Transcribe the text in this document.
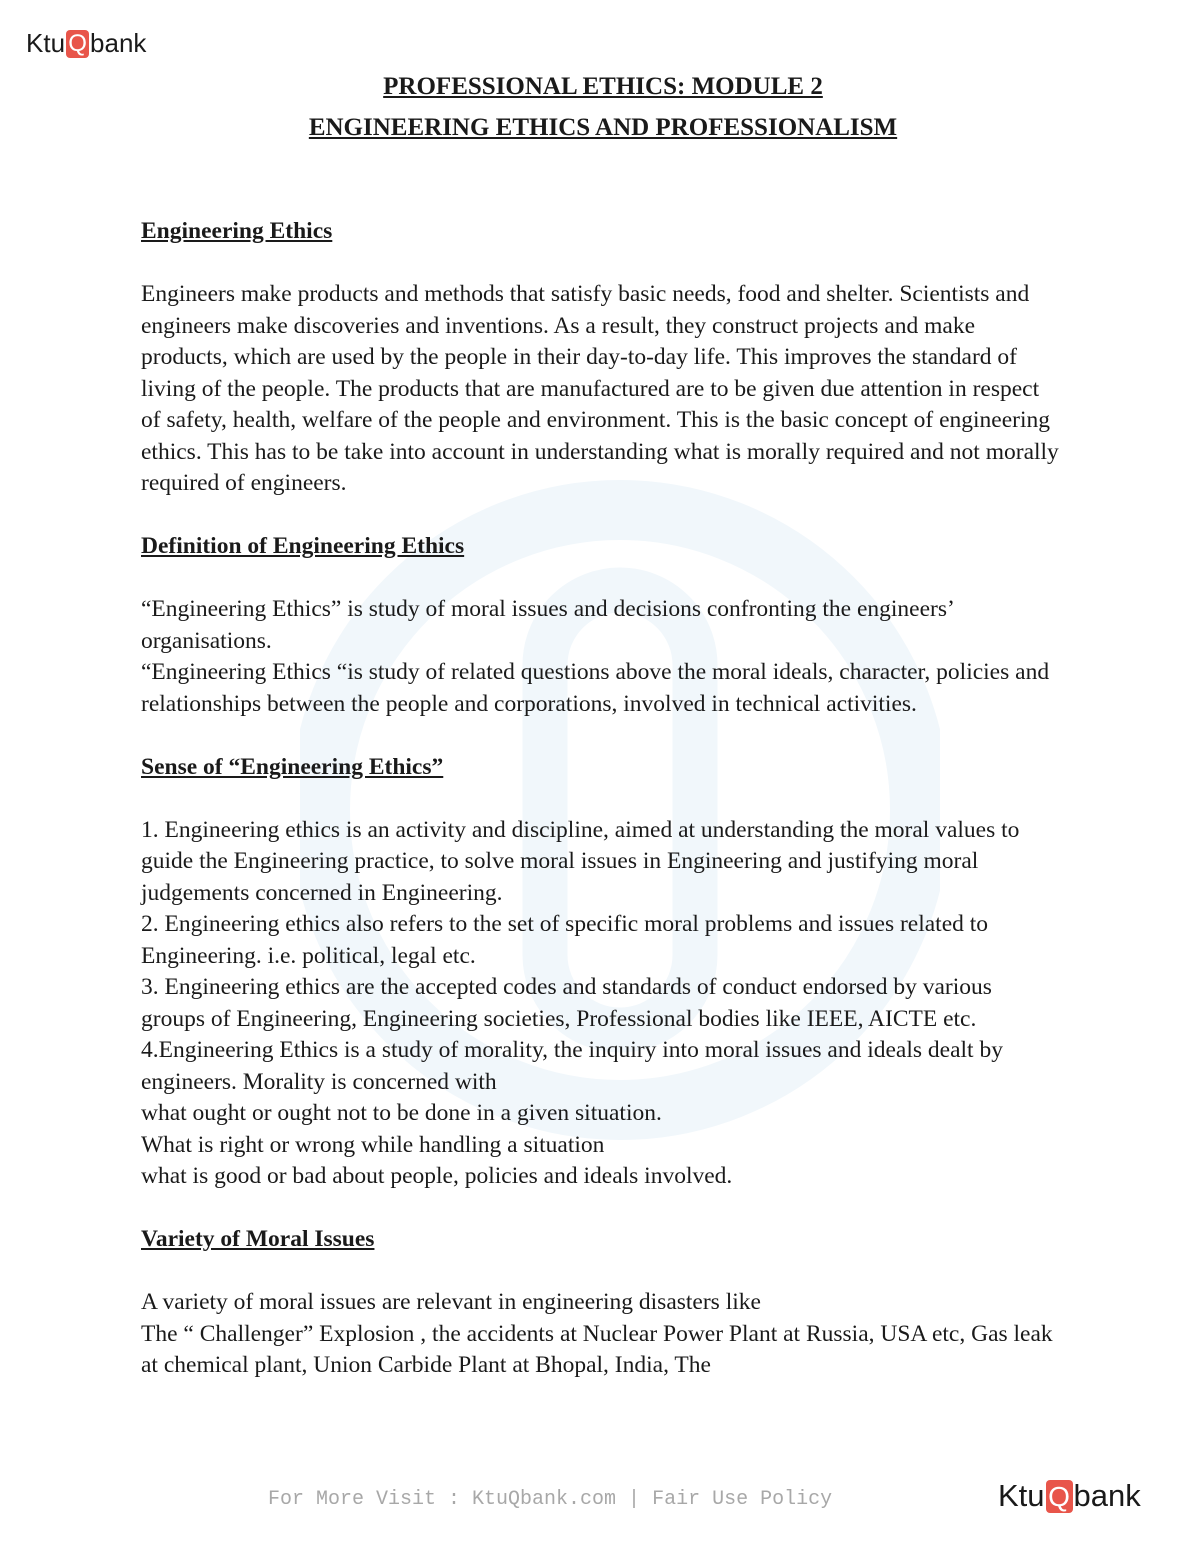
Ktu Q bank
PROFESSIONAL ETHICS: MODULE 2
ENGINEERING ETHICS AND PROFESSIONALISM
Engineering Ethics

Engineers make products and methods that satisfy basic needs, food and shelter. Scientists and engineers make discoveries and inventions. As a result, they construct projects and make products, which are used by the people in their day-to-day life. This improves the standard of living of the people. The products that are manufactured are to be given due attention in respect of safety, health, welfare of the people and environment. This is the basic concept of engineering ethics. This has to be take into account in understanding what is morally required and not morally required of engineers.

Definition of Engineering Ethics

“Engineering Ethics” is study of moral issues and decisions confronting the engineers’ organisations.

“Engineering Ethics “is study of related questions above the moral ideals, character, policies and relationships between the people and corporations, involved in technical activities.

Sense of “Engineering Ethics”

1. Engineering ethics is an activity and discipline, aimed at understanding the moral values to guide the Engineering practice, to solve moral issues in Engineering and justifying moral judgements concerned in Engineering.

2. Engineering ethics also refers to the set of specific moral problems and issues related to Engineering. i.e. political, legal etc.

3. Engineering ethics are the accepted codes and standards of conduct endorsed by various groups of Engineering, Engineering societies, Professional bodies like IEEE, AICTE etc.

4.Engineering Ethics is a study of morality, the inquiry into moral issues and ideals dealt by engineers. Morality is concerned with

what ought or ought not to be done in a given situation.

What is right or wrong while handling a situation

what is good or bad about people, policies and ideals involved.

Variety of Moral Issues

A variety of moral issues are relevant in engineering disasters like

The “ Challenger” Explosion , the accidents at Nuclear Power Plant at Russia, USA etc, Gas leak at chemical plant, Union Carbide Plant at Bhopal, India, The

For More Visit : KtuQbank.com | Fair Use Policy	Ktu Q bank
